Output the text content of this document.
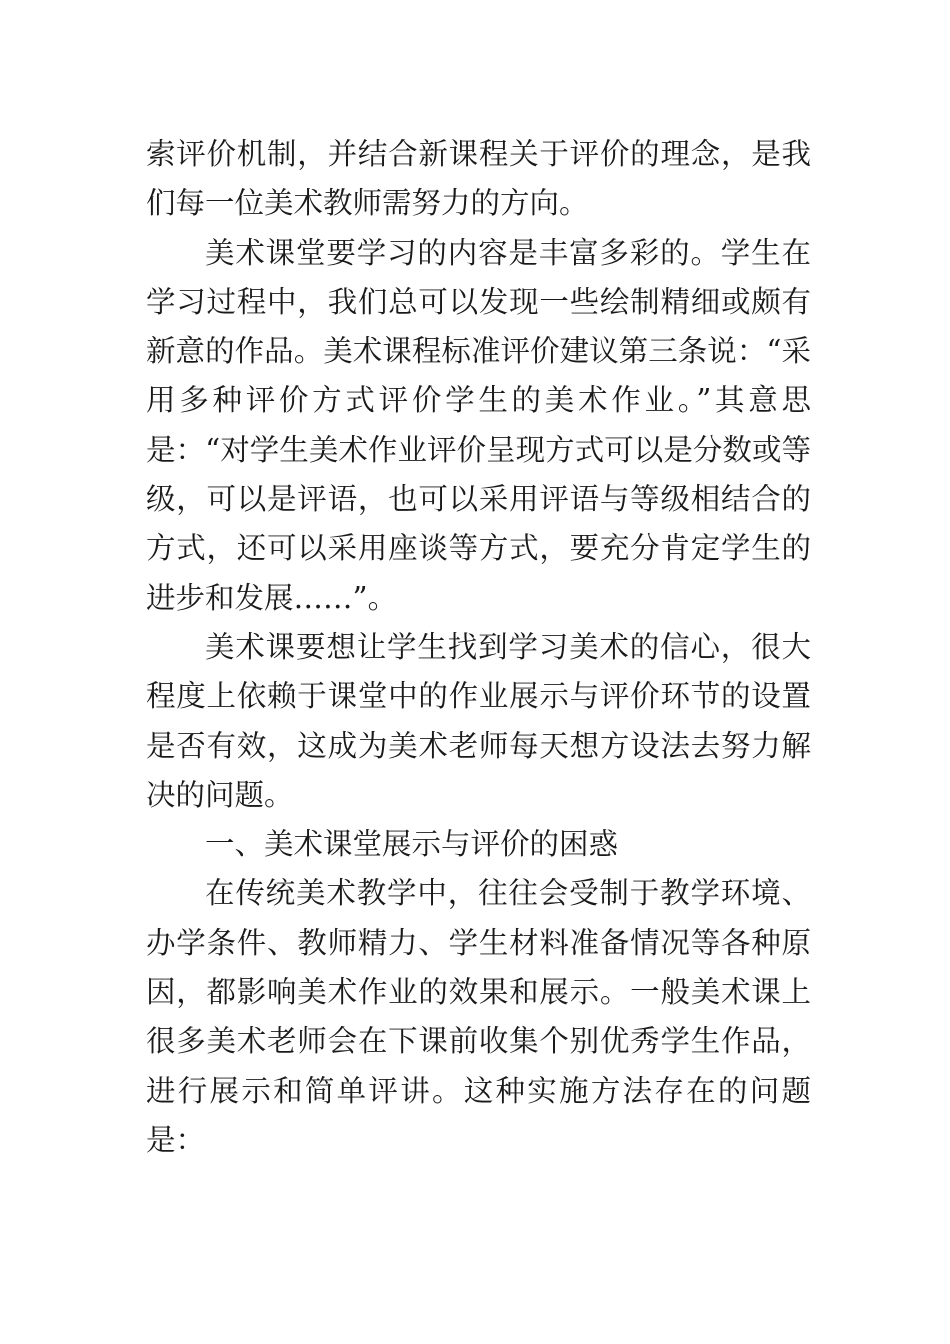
索评价机制，并结合新课程关于评价的理念，是我们每一位美术教师需努力的方向。

美术课堂要学习的内容是丰富多彩的。学生在学习过程中，我们总可以发现一些绘制精细或颇有新意的作品。美术课程标准评价建议第三条说：“采用多种评价方式评价学生的美术作业。”其意思是：“对学生美术作业评价呈现方式可以是分数或等级，可以是评语，也可以采用评语与等级相结合的方式，还可以采用座谈等方式，要充分肯定学生的进步和发展……”。

美术课要想让学生找到学习美术的信心，很大程度上依赖于课堂中的作业展示与评价环节的设置是否有效，这成为美术老师每天想方设法去努力解决的问题。

一、美术课堂展示与评价的困惑

在传统美术教学中，往往会受制于教学环境、办学条件、教师精力、学生材料准备情况等各种原因，都影响美术作业的效果和展示。一般美术课上很多美术老师会在下课前收集个别优秀学生作品，进行展示和简单评讲。这种实施方法存在的问题是：
